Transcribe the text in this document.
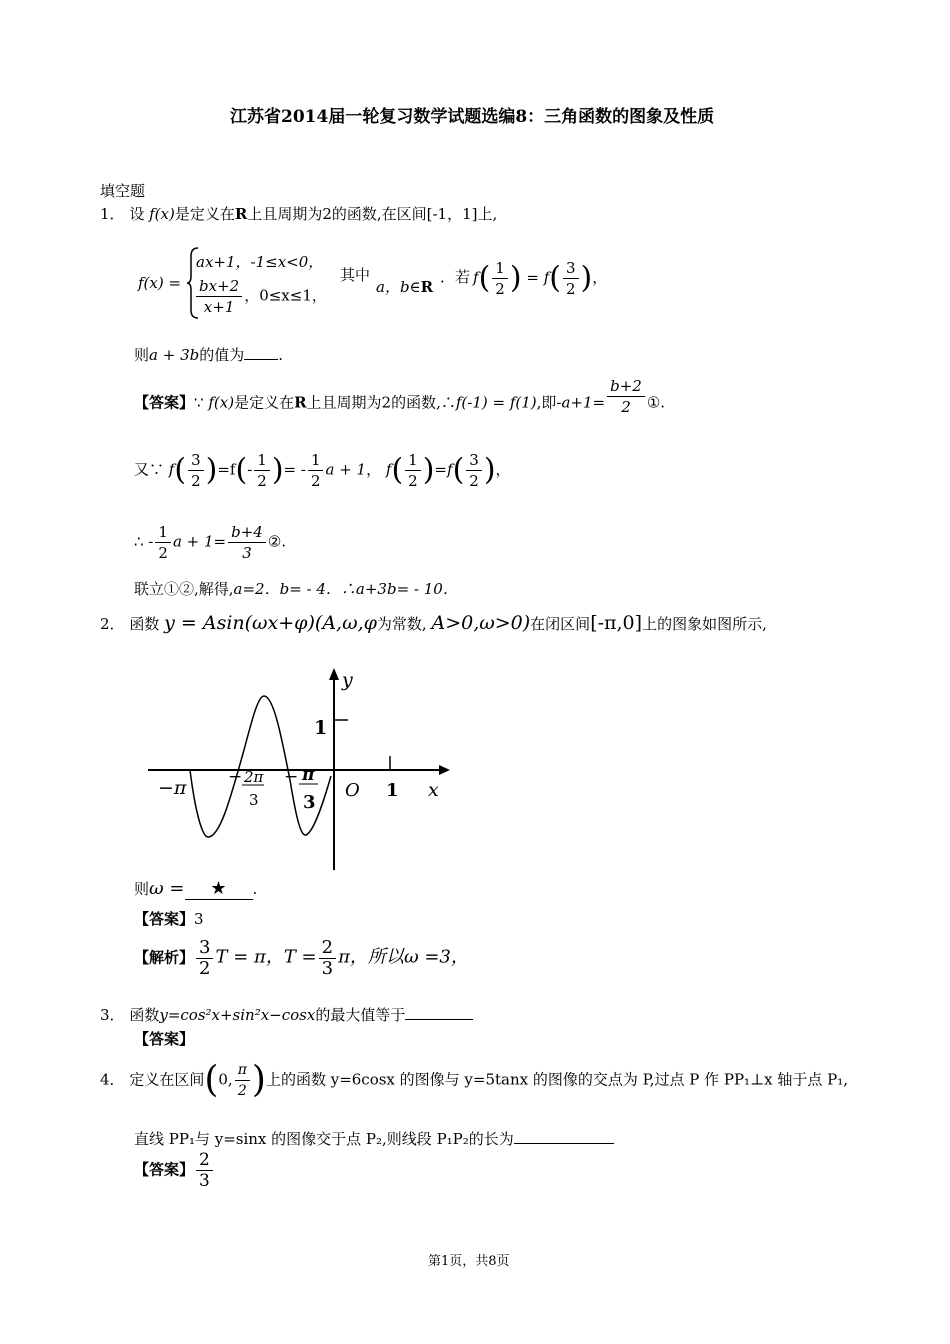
江苏省2014届一轮复习数学试题选编8：三角函数的图象及性质
填空题
1． 设 f(x)是定义在R上且周期为2的函数,在区间[-1，1]上,
f(x) =
ax+1，-1≤x<0，
$\frac{bx+2}{x+1}$ ，0≤x≤1，
其中
a，b∈R
．若 $f( \frac{1}{2}$ ) = $f( \frac{3}{2}$ )，
则a + 3b的值为 .
【答案】∵ f(x)是定义在R上且周期为2的函数,∴f(-1) = f(1),即$-a+1= \frac{b+2}{2}$ ①.
又∵ $f( \frac{3}{2} )=f(- \frac{1}{2}$ )= - $\frac{1}{2}$ a + 1， $f( \frac{1}{2} )=f( \frac{3}{2}$ )，
∴ - $\frac{1}{2}$ $a + 1= \frac{b+4}{3}$ ②.
联立①②,解得,a=2．b= - 4．∴a+3b= - 10．
2． 函数 y = Asin(ωx+φ)(A,ω,φ为常数, A>0,ω>0)在闭区间[-π,0]上的图象如图所示,
y
1
−π − 2π
3
− π
3
O 1 x
则ω = ★ .
【答案】3
【解析】 $\frac{3}{2}$ T = π，$T = \frac{2}{3}$ π，所以ω =3，
3． 函数y=cos²x+sin²x−cosx的最大值等于
【答案】
4． 定义在区间(0, $\frac{\pi}{2}$ )上的函数 y=6cosx 的图像与 y=5tanx 的图像的交点为 P,过点 P 作 PP₁⊥x 轴于点 P₁,
直线 PP₁与 y=sinx 的图像交于点 P₂,则线段 P₁P₂的长为
【答案】 $\frac{2}{3}$
第1页，共8页
